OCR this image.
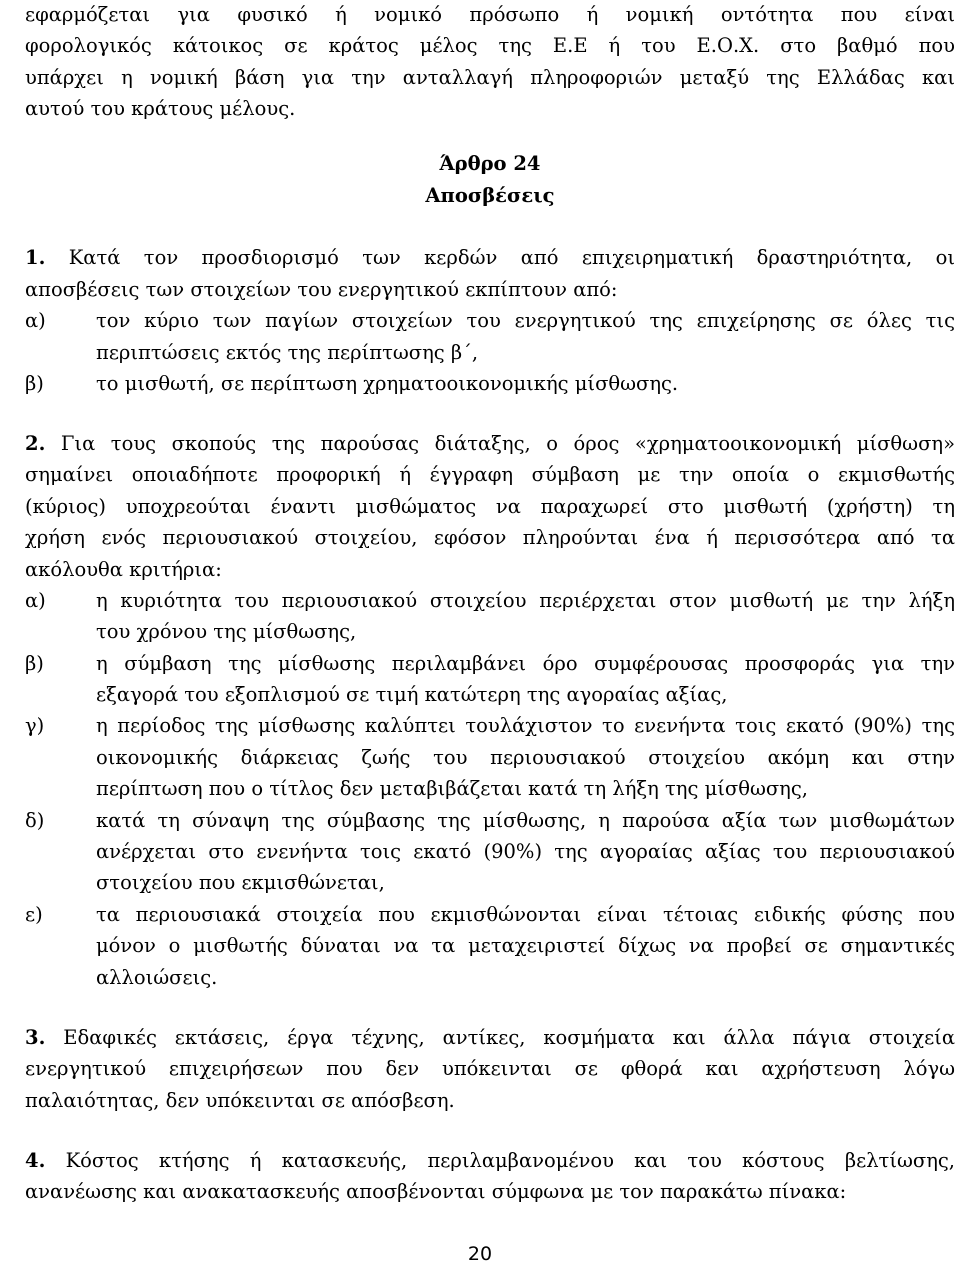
εφαρμόζεται για φυσικό ή νομικό πρόσωπο ή νομική οντότητα που είναι
φορολογικός κάτοικος σε κράτος μέλος της Ε.Ε ή του Ε.Ο.Χ. στο βαθμό που
υπάρχει η νομική βάση για την ανταλλαγή πληροφοριών μεταξύ της Ελλάδας και
αυτού του κράτους μέλους.
Άρθρο 24
Αποσβέσεις
1. Κατά τον προσδιορισμό των κερδών από επιχειρηματική δραστηριότητα, οι
αποσβέσεις των στοιχείων του ενεργητικού εκπίπτουν από:
α)	τον κύριο των παγίων στοιχείων του ενεργητικού της επιχείρησης σε όλες τις
περιπτώσεις εκτός της περίπτωσης β΄,
β)	το μισθωτή, σε περίπτωση χρηματοοικονομικής μίσθωσης.
2. Για τους σκοπούς της παρούσας διάταξης, ο όρος «χρηματοοικονομική μίσθωση»
σημαίνει οποιαδήποτε προφορική ή έγγραφη σύμβαση με την οποία ο εκμισθωτής
(κύριος) υποχρεούται έναντι μισθώματος να παραχωρεί στο μισθωτή (χρήστη) τη
χρήση ενός περιουσιακού στοιχείου, εφόσον πληρούνται ένα ή περισσότερα από τα
ακόλουθα κριτήρια:
α)	η κυριότητα του περιουσιακού στοιχείου περιέρχεται στον μισθωτή με την λήξη
του χρόνου της μίσθωσης,
β)	η σύμβαση της μίσθωσης περιλαμβάνει όρο συμφέρουσας προσφοράς για την
εξαγορά του εξοπλισμού σε τιμή κατώτερη της αγοραίας αξίας,
γ)	η περίοδος της μίσθωσης καλύπτει τουλάχιστον το ενενήντα τοις εκατό (90%) της
οικονομικής διάρκειας ζωής του περιουσιακού στοιχείου ακόμη και στην
περίπτωση που ο τίτλος δεν μεταβιβάζεται κατά τη λήξη της μίσθωσης,
δ)	κατά τη σύναψη της σύμβασης της μίσθωσης, η παρούσα αξία των μισθωμάτων
ανέρχεται στο ενενήντα τοις εκατό (90%) της αγοραίας αξίας του περιουσιακού
στοιχείου που εκμισθώνεται,
ε)	τα περιουσιακά στοιχεία που εκμισθώνονται είναι τέτοιας ειδικής φύσης που
μόνον ο μισθωτής δύναται να τα μεταχειριστεί δίχως να προβεί σε σημαντικές
αλλοιώσεις.
3. Εδαφικές εκτάσεις, έργα τέχνης, αντίκες, κοσμήματα και άλλα πάγια στοιχεία
ενεργητικού επιχειρήσεων που δεν υπόκεινται σε φθορά και αχρήστευση λόγω
παλαιότητας, δεν υπόκεινται σε απόσβεση.
4. Κόστος κτήσης ή κατασκευής, περιλαμβανομένου και του κόστους βελτίωσης,
ανανέωσης και ανακατασκευής αποσβένονται σύμφωνα με τον παρακάτω πίνακα:
20
